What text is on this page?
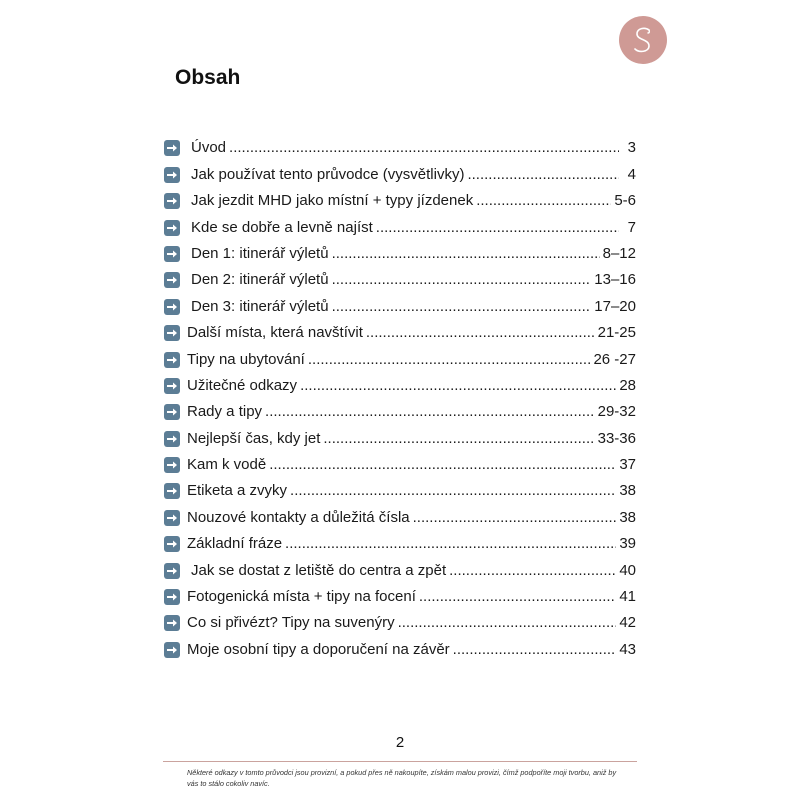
Obsah
Úvod .....	3
Jak používat tento průvodce (vysvětlivky) .....	4
Jak jezdit MHD jako místní + typy jízdenek .....	5-6
Kde se dobře a levně najíst .....	7
Den 1: itinerář výletů .....	8–12
Den 2: itinerář výletů .....	13–16
Den 3: itinerář výletů .....	17–20
Další místa, která navštívit .....	21-25
Tipy na ubytování .....	26 -27
Užitečné odkazy .....	28
Rady a tipy .....	29-32
Nejlepší čas, kdy jet .....	33-36
Kam k vodě .....	37
Etiketa a zvyky .....	38
Nouzové kontakty a důležitá čísla .....	38
Základní fráze .....	39
Jak se dostat z letiště do centra a zpět .....	40
Fotogenická místa + tipy na focení .....	41
Co si přivézt? Tipy na suvenýry .....	42
Moje osobní tipy a doporučení na závěr .....	43
2

Některé odkazy v tomto průvodci jsou provizní, a pokud přes ně nakoupíte, získám malou provizi, čímž podpoříte moji tvorbu, aniž by vás to stálo cokoliv navíc.
